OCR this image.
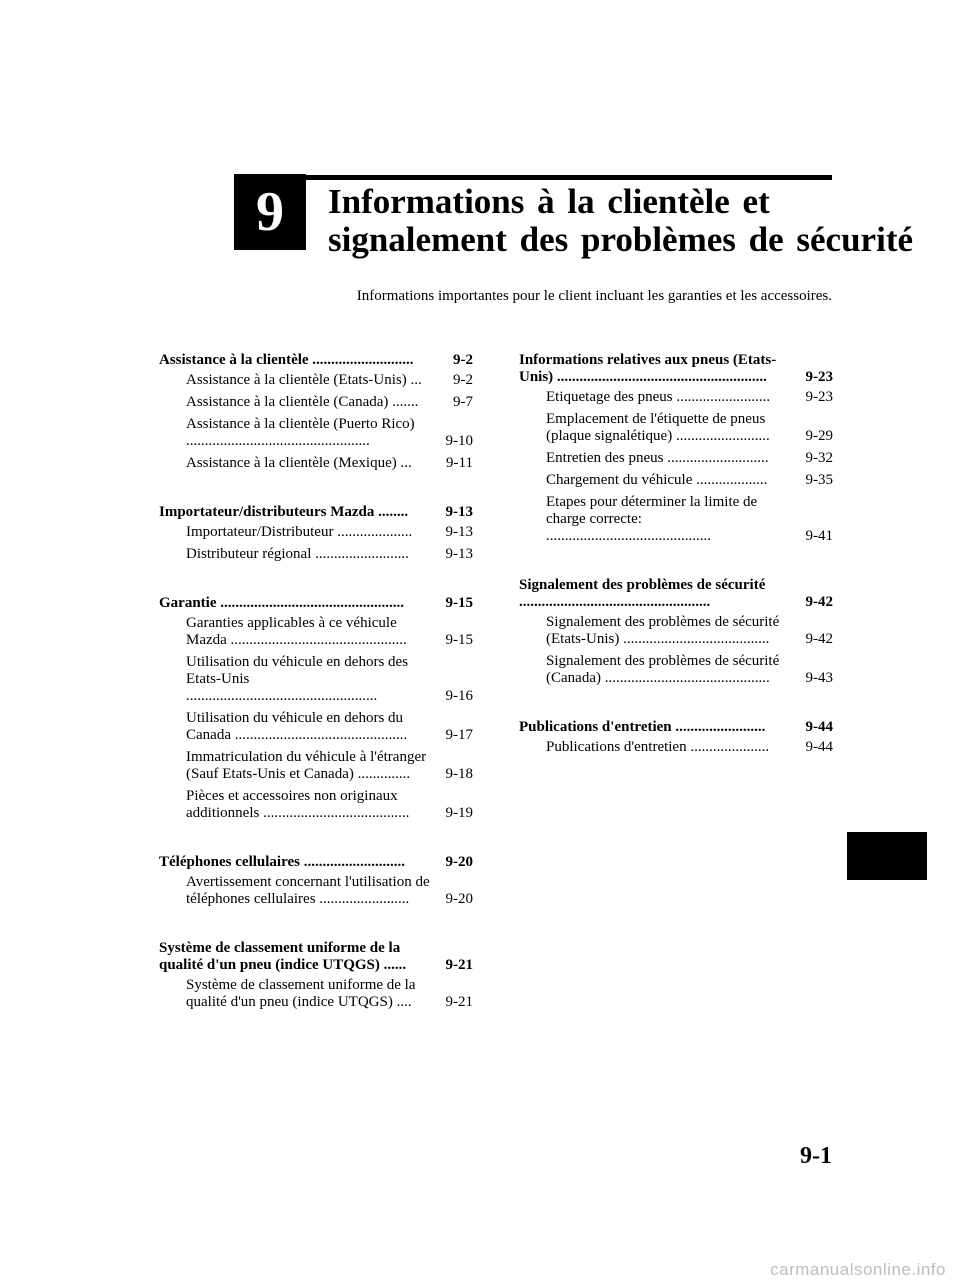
9 Informations à la clientèle et
signalement des problèmes de sécurité
Informations importantes pour le client incluant les garanties et les accessoires.
Assistance à la clientèle ...........................	9-2
Assistance à la clientèle (Etats-Unis) ...	9-2
Assistance à la clientèle (Canada) .......	9-7
Assistance à la clientèle (Puerto Rico) .................................................	9-10
Assistance à la clientèle (Mexique) ...	9-11
Importateur/distributeurs Mazda ........	9-13
Importateur/Distributeur ....................	9-13
Distributeur régional .........................	9-13
Garantie .................................................	9-15
Garanties applicables à ce véhicule Mazda ...............................................	9-15
Utilisation du véhicule en dehors des Etats-Unis ...................................................	9-16
Utilisation du véhicule en dehors du Canada ..............................................	9-17
Immatriculation du véhicule à l'étranger (Sauf Etats-Unis et Canada) ..............	9-18
Pièces et accessoires non originaux additionnels .......................................	9-19
Téléphones cellulaires ...........................	9-20
Avertissement concernant l'utilisation de téléphones cellulaires ........................	9-20
Système de classement uniforme de la qualité d'un pneu (indice UTQGS) ......	9-21
Système de classement uniforme de la qualité d'un pneu (indice UTQGS) ....	9-21
Informations relatives aux pneus (Etats-Unis) ........................................................	9-23
Etiquetage des pneus .........................	9-23
Emplacement de l'étiquette de pneus (plaque signalétique) .........................	9-29
Entretien des pneus ...........................	9-32
Chargement du véhicule ...................	9-35
Etapes pour déterminer la limite de charge correcte: ............................................	9-41
Signalement des problèmes de sécurité ...................................................	9-42
Signalement des problèmes de sécurité (Etats-Unis) .......................................	9-42
Signalement des problèmes de sécurité (Canada) ............................................	9-43
Publications d'entretien ........................	9-44
Publications d'entretien .....................	9-44
9-1
carmanualsonline.info
